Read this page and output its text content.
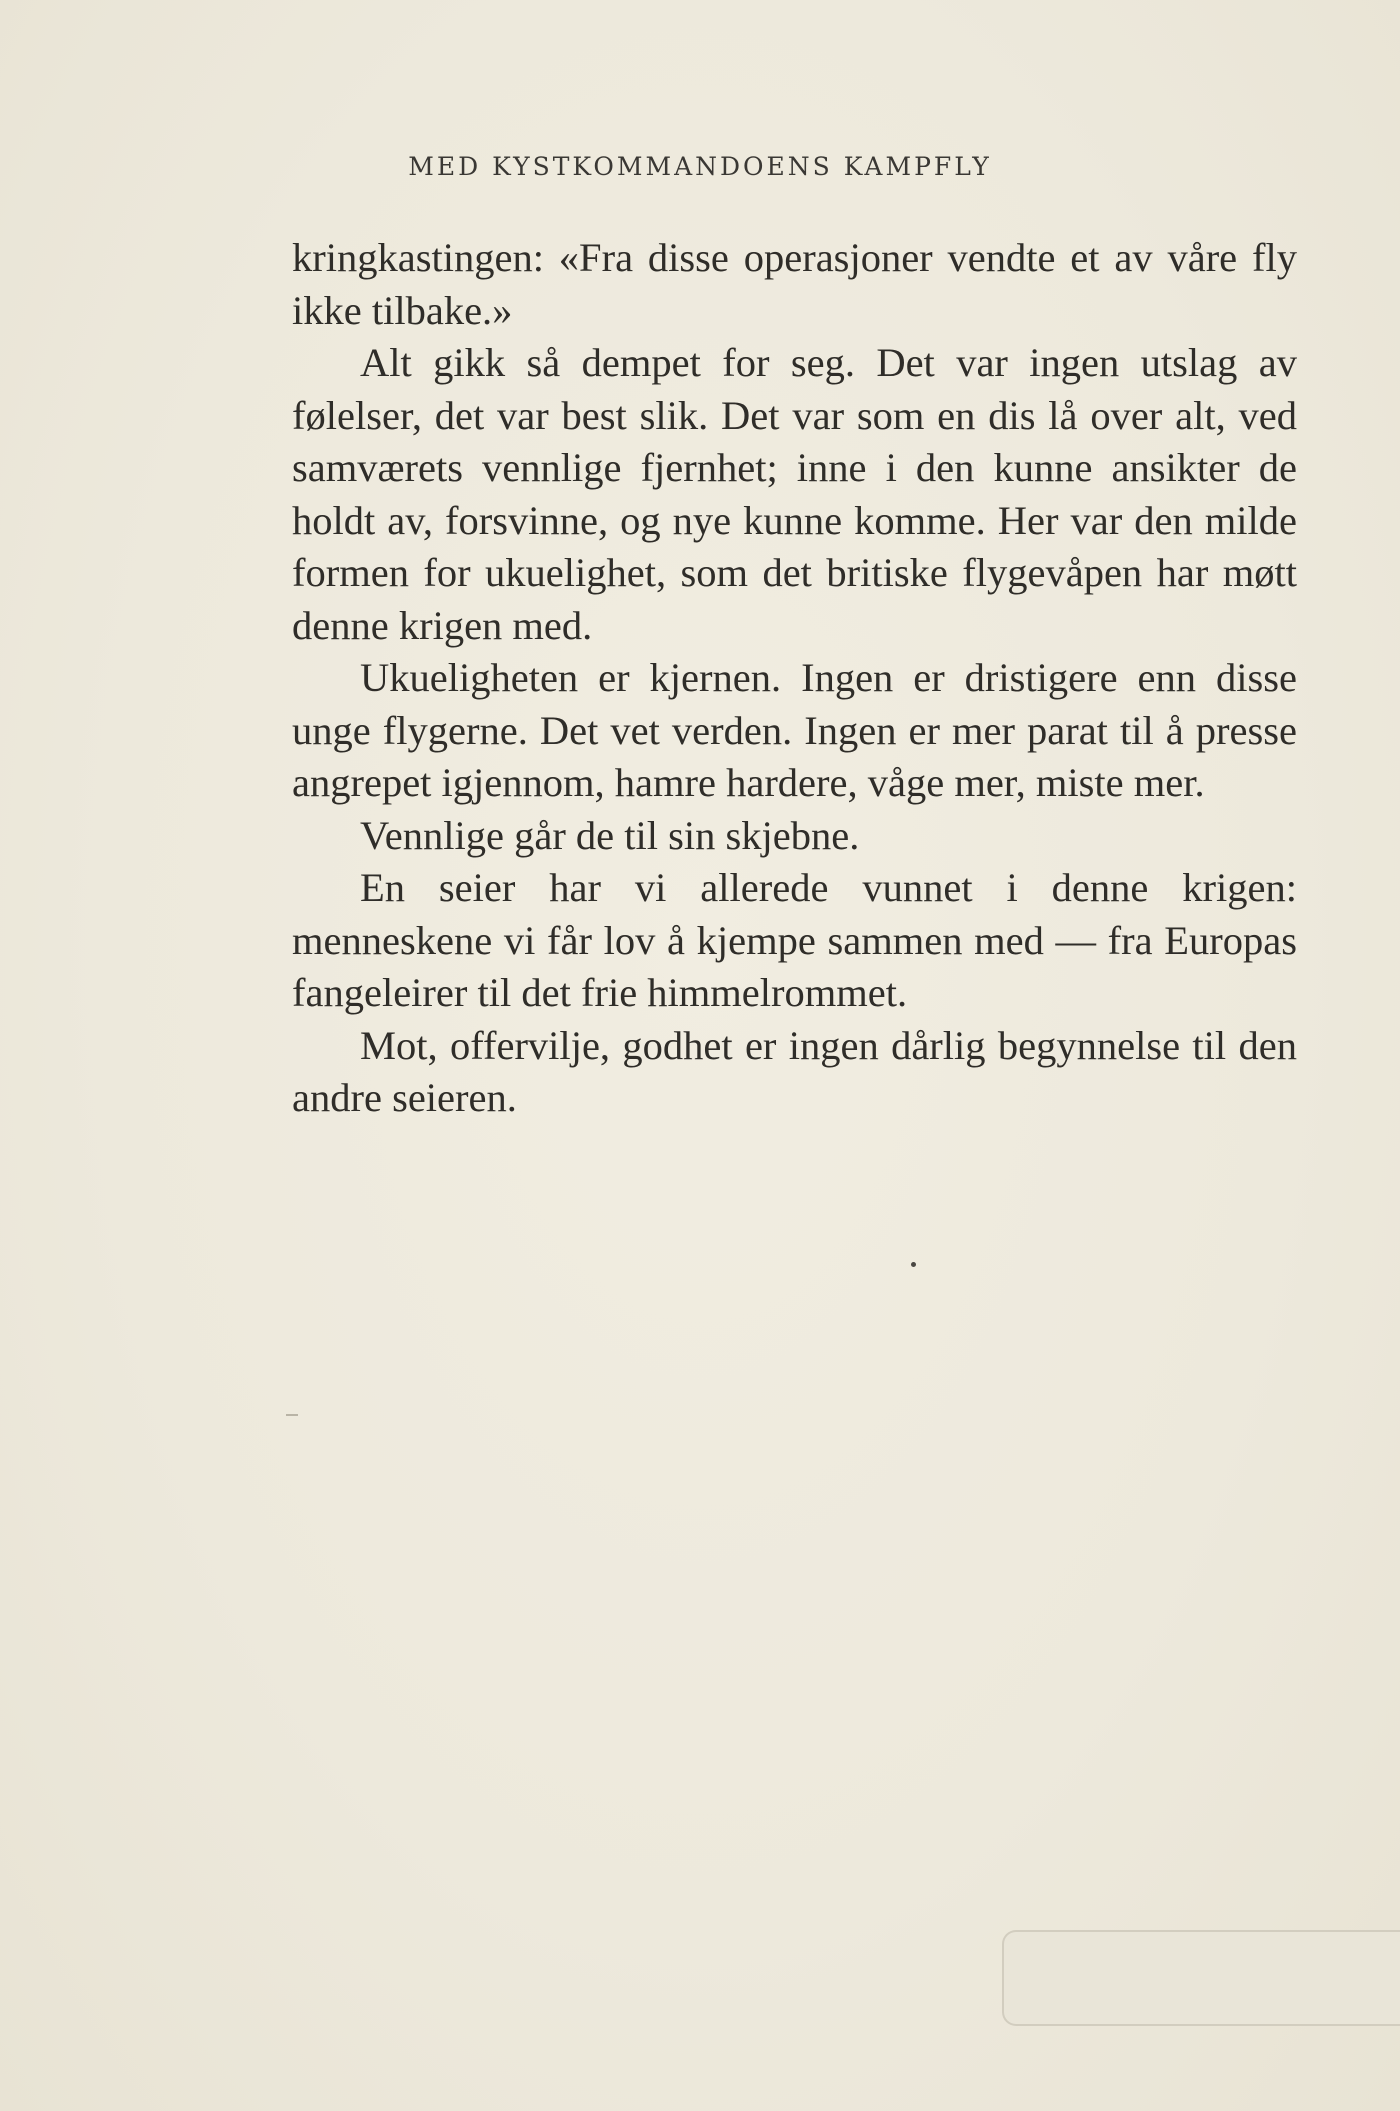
MED KYSTKOMMANDOENS KAMPFLY

kringkastingen: «Fra disse operasjoner vendte et av våre fly ikke tilbake.»

Alt gikk så dempet for seg. Det var ingen utslag av følelser, det var best slik. Det var som en dis lå over alt, ved samværets vennlige fjernhet; inne i den kunne ansikter de holdt av, forsvinne, og nye kunne komme. Her var den milde formen for ukuelighet, som det britiske flygevåpen har møtt denne krigen med.

Ukueligheten er kjernen. Ingen er dristigere enn disse unge flygerne. Det vet verden. Ingen er mer parat til å presse angrepet igjennom, hamre hardere, våge mer, miste mer.

Vennlige går de til sin skjebne.

En seier har vi allerede vunnet i denne krigen: menneskene vi får lov å kjempe sammen med — fra Europas fangeleirer til det frie himmelrommet.

Mot, offervilje, godhet er ingen dårlig begynnelse til den andre seieren.
